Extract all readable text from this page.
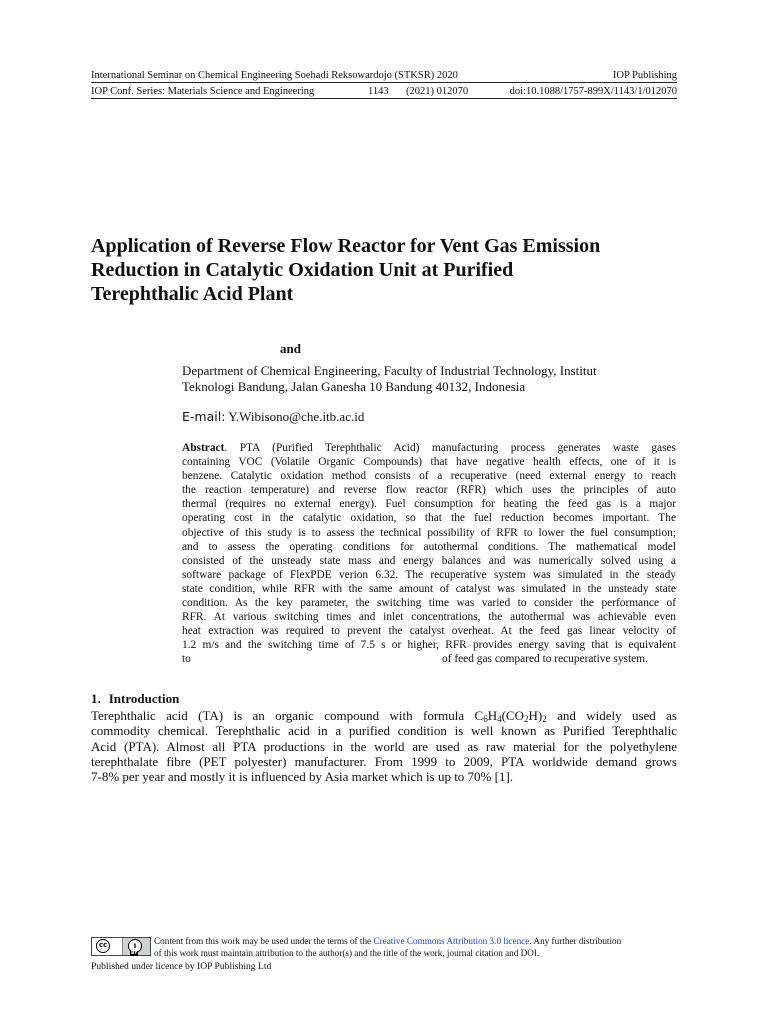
International Seminar on Chemical Engineering Soehadi Reksowardojo (STKSR) 2020	IOP Publishing
IOP Conf. Series: Materials Science and Engineering	1143 (2021) 012070	doi:10.1088/1757-899X/1143/1/012070
Application of Reverse Flow Reactor for Vent Gas Emission
Reduction in Catalytic Oxidation Unit at Purified
Terephthalic Acid Plant
and
Department of Chemical Engineering, Faculty of Industrial Technology, Institut
Teknologi Bandung, Jalan Ganesha 10 Bandung 40132, Indonesia
E-mail: Y.Wibisono@che.itb.ac.id
Abstract. PTA (Purified Terephthalic Acid) manufacturing process generates waste gases
containing VOC (Volatile Organic Compounds) that have negative health effects, one of it is
benzene. Catalytic oxidation method consists of a recuperative (need external energy to reach
the reaction temperature) and reverse flow reactor (RFR) which uses the principles of auto
thermal (requires no external energy). Fuel consumption for heating the feed gas is a major
operating cost in the catalytic oxidation, so that the fuel reduction becomes important. The
objective of this study is to assess the technical possibility of RFR to lower the fuel consumption;
and to assess the operating conditions for autothermal conditions. The mathematical model
consisted of the unsteady state mass and energy balances and was numerically solved using a
software package of FlexPDE verion 6.32. The recuperative system was simulated in the steady
state condition, while RFR with the same amount of catalyst was simulated in the unsteady state
condition. As the key parameter, the switching time was varied to consider the performance of
RFR. At various switching times and inlet concentrations, the autothermal was achievable even
heat extraction was required to prevent the catalyst overheat. At the feed gas linear velocity of
1.2 m/s and the switching time of 7.5 s or higher, RFR provides energy saving that is equivalent
to	of feed gas compared to recuperative system.
1. Introduction
Terephthalic acid (TA) is an organic compound with formula $C_6H_4(CO_2H)_2$ and widely used as
commodity chemical. Terephthalic acid in a purified condition is well known as Purified Terephthalic
Acid (PTA). Almost all PTA productions in the world are used as raw material for the polyethylene
terephthalate fibre (PET polyester) manufacturer. From 1999 to 2009, PTA worldwide demand grows
7-8% per year and mostly it is influenced by Asia market which is up to 70% [1].
cc	ı
BY
Content from this work may be used under the terms of the Creative Commons Attribution 3.0 licence. Any further distribution
of this work must maintain attribution to the author(s) and the title of the work, journal citation and DOI.
Published under licence by IOP Publishing Ltd
